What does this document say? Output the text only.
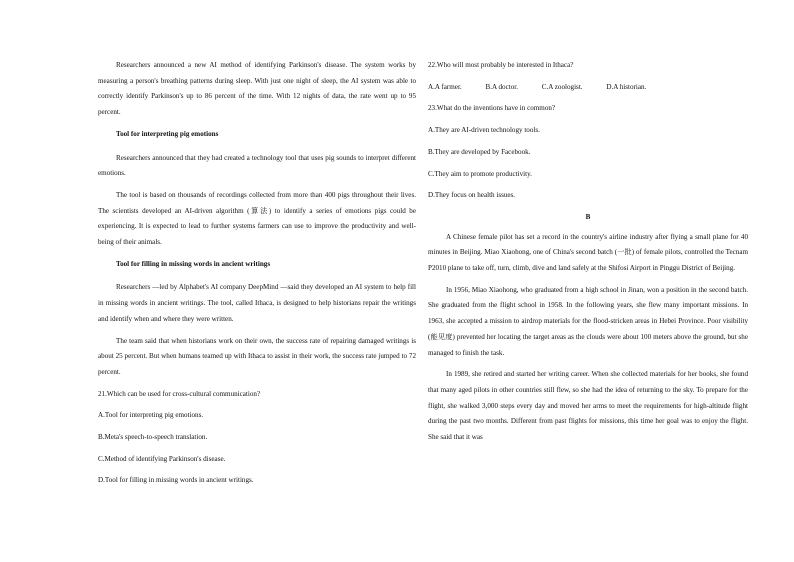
Researchers announced a new AI method of identifying Parkinson's disease. The system works by measuring a person's breathing patterns during sleep. With just one night of sleep, the AI system was able to correctly identify Parkinson's up to 86 percent of the time. With 12 nights of data, the rate went up to 95 percent.

Tool for interpreting pig emotions

Researchers announced that they had created a technology tool that uses pig sounds to interpret different emotions.

The tool is based on thousands of recordings collected from more than 400 pigs throughout their lives. The scientists developed an AI-driven algorithm (算法) to identify a series of emotions pigs could be experiencing. It is expected to lead to further systems farmers can use to improve the productivity and well-being of their animals.

Tool for filling in missing words in ancient writings

Researchers —led by Alphabet's AI company DeepMind —said they developed an AI system to help fill in missing words in ancient writings. The tool, called Ithaca, is designed to help historians repair the writings and identify when and where they were written.

The team said that when historians work on their own, the success rate of repairing damaged writings is about 25 percent. But when humans teamed up with Ithaca to assist in their work, the success rate jumped to 72 percent.

21.Which can be used for cross-cultural communication?

A.Tool for interpreting pig emotions.

B.Meta's speech-to-speech translation.

C.Method of identifying Parkinson's disease.

D.Tool for filling in missing words in ancient writings.

22.Who will most probably be interested in Ithaca?

A.A farmer.	B.A doctor.	C.A zoologist.	D.A historian.

23.What do the inventions have in common?

A.They are AI-driven technology tools.

B.They are developed by Facebook.

C.They aim to promote productivity.

D.They focus on health issues.

B

A Chinese female pilot has set a record in the country's airline industry after flying a small plane for 40 minutes in Beijing. Miao Xiaohong, one of China's second batch (一批) of female pilots, controlled the Tecnam P2010 plane to take off, turn, climb, dive and land safely at the Shifosi Airport in Pinggu District of Beijing.

In 1956, Miao Xiaohong, who graduated from a high school in Jinan, won a position in the second batch. She graduated from the flight school in 1958. In the following years, she flew many important missions. In 1963, she accepted a mission to airdrop materials for the flood-stricken areas in Hebei Province. Poor visibility (能见度) prevented her locating the target areas as the clouds were about 100 meters above the ground, but she managed to finish the task.

In 1989, she retired and started her writing career. When she collected materials for her books, she found that many aged pilots in other countries still flew, so she had the idea of returning to the sky. To prepare for the flight, she walked 3,000 steps every day and moved her arms to meet the requirements for high-altitude flight during the past two months. Different from past flights for missions, this time her goal was to enjoy the flight. She said that it was
